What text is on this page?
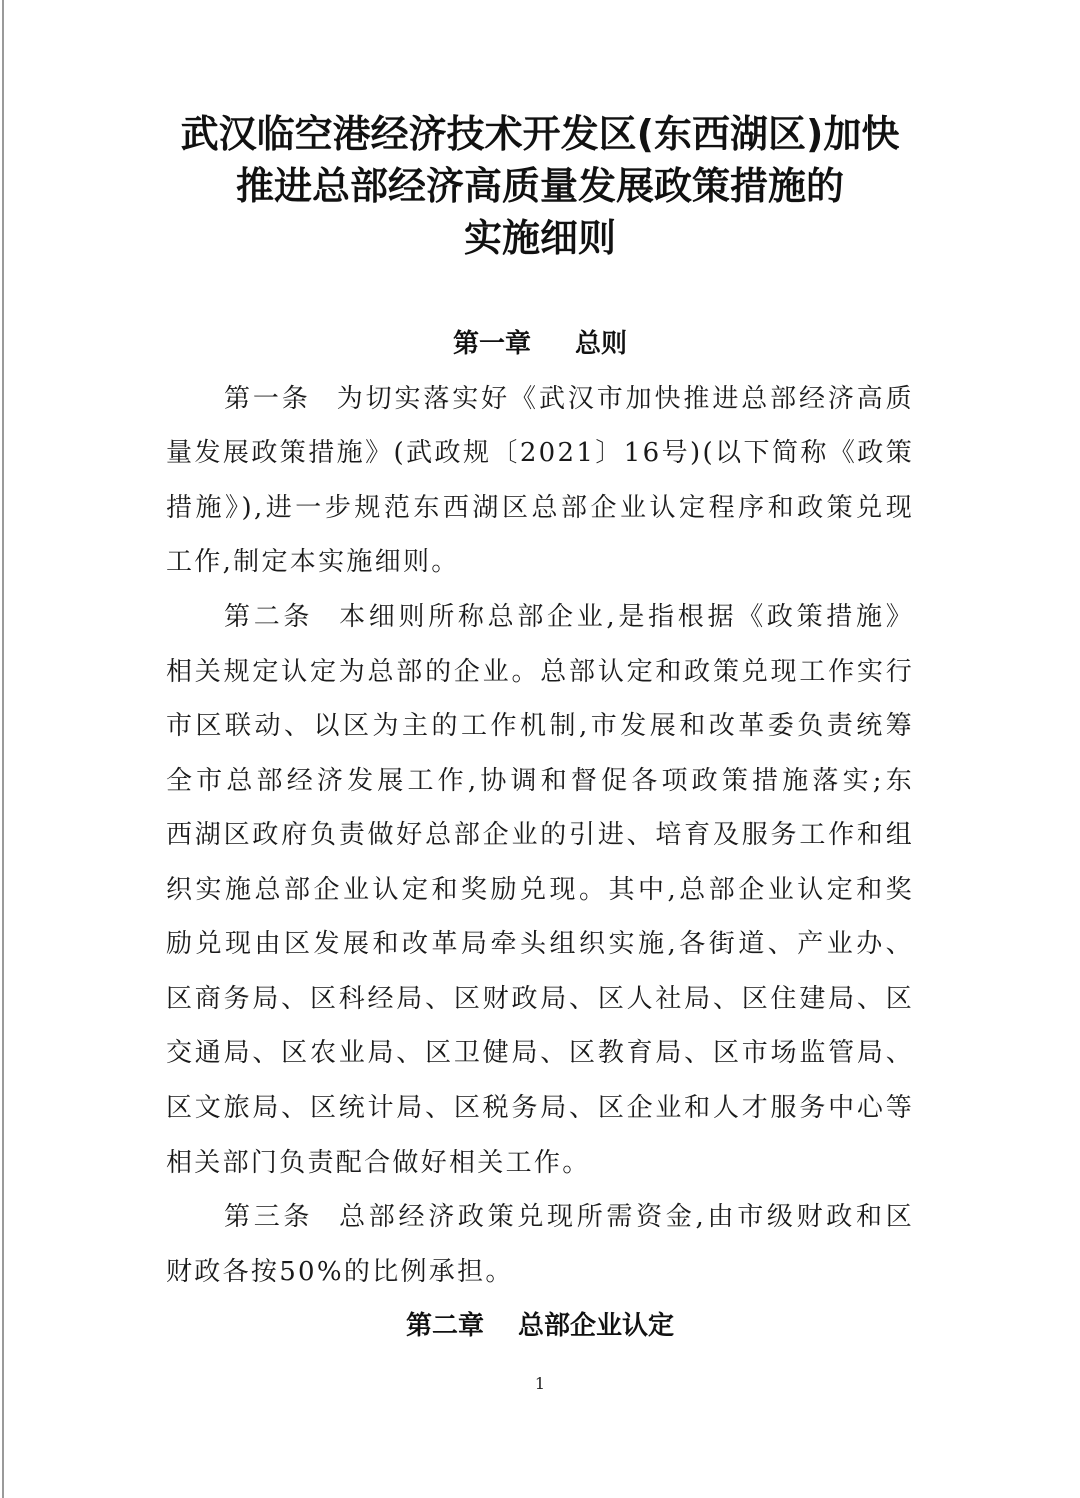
武汉临空港经济技术开发区(东西湖区)加快
推进总部经济高质量发展政策措施的
实施细则
第一章 总则
第一条 为切实落实好《武汉市加快推进总部经济高质
量发展政策措施》(武政规〔2021〕16号)(以下简称《政策
措施》),进一步规范东西湖区总部企业认定程序和政策兑现
工作,制定本实施细则。
第二条 本细则所称总部企业,是指根据《政策措施》
相关规定认定为总部的企业。总部认定和政策兑现工作实行
市区联动、以区为主的工作机制,市发展和改革委负责统筹
全市总部经济发展工作,协调和督促各项政策措施落实;东
西湖区政府负责做好总部企业的引进、培育及服务工作和组
织实施总部企业认定和奖励兑现。其中,总部企业认定和奖
励兑现由区发展和改革局牵头组织实施,各街道、产业办、
区商务局、区科经局、区财政局、区人社局、区住建局、区
交通局、区农业局、区卫健局、区教育局、区市场监管局、
区文旅局、区统计局、区税务局、区企业和人才服务中心等
相关部门负责配合做好相关工作。
第三条 总部经济政策兑现所需资金,由市级财政和区
财政各按50%的比例承担。
第二章 总部企业认定
1
